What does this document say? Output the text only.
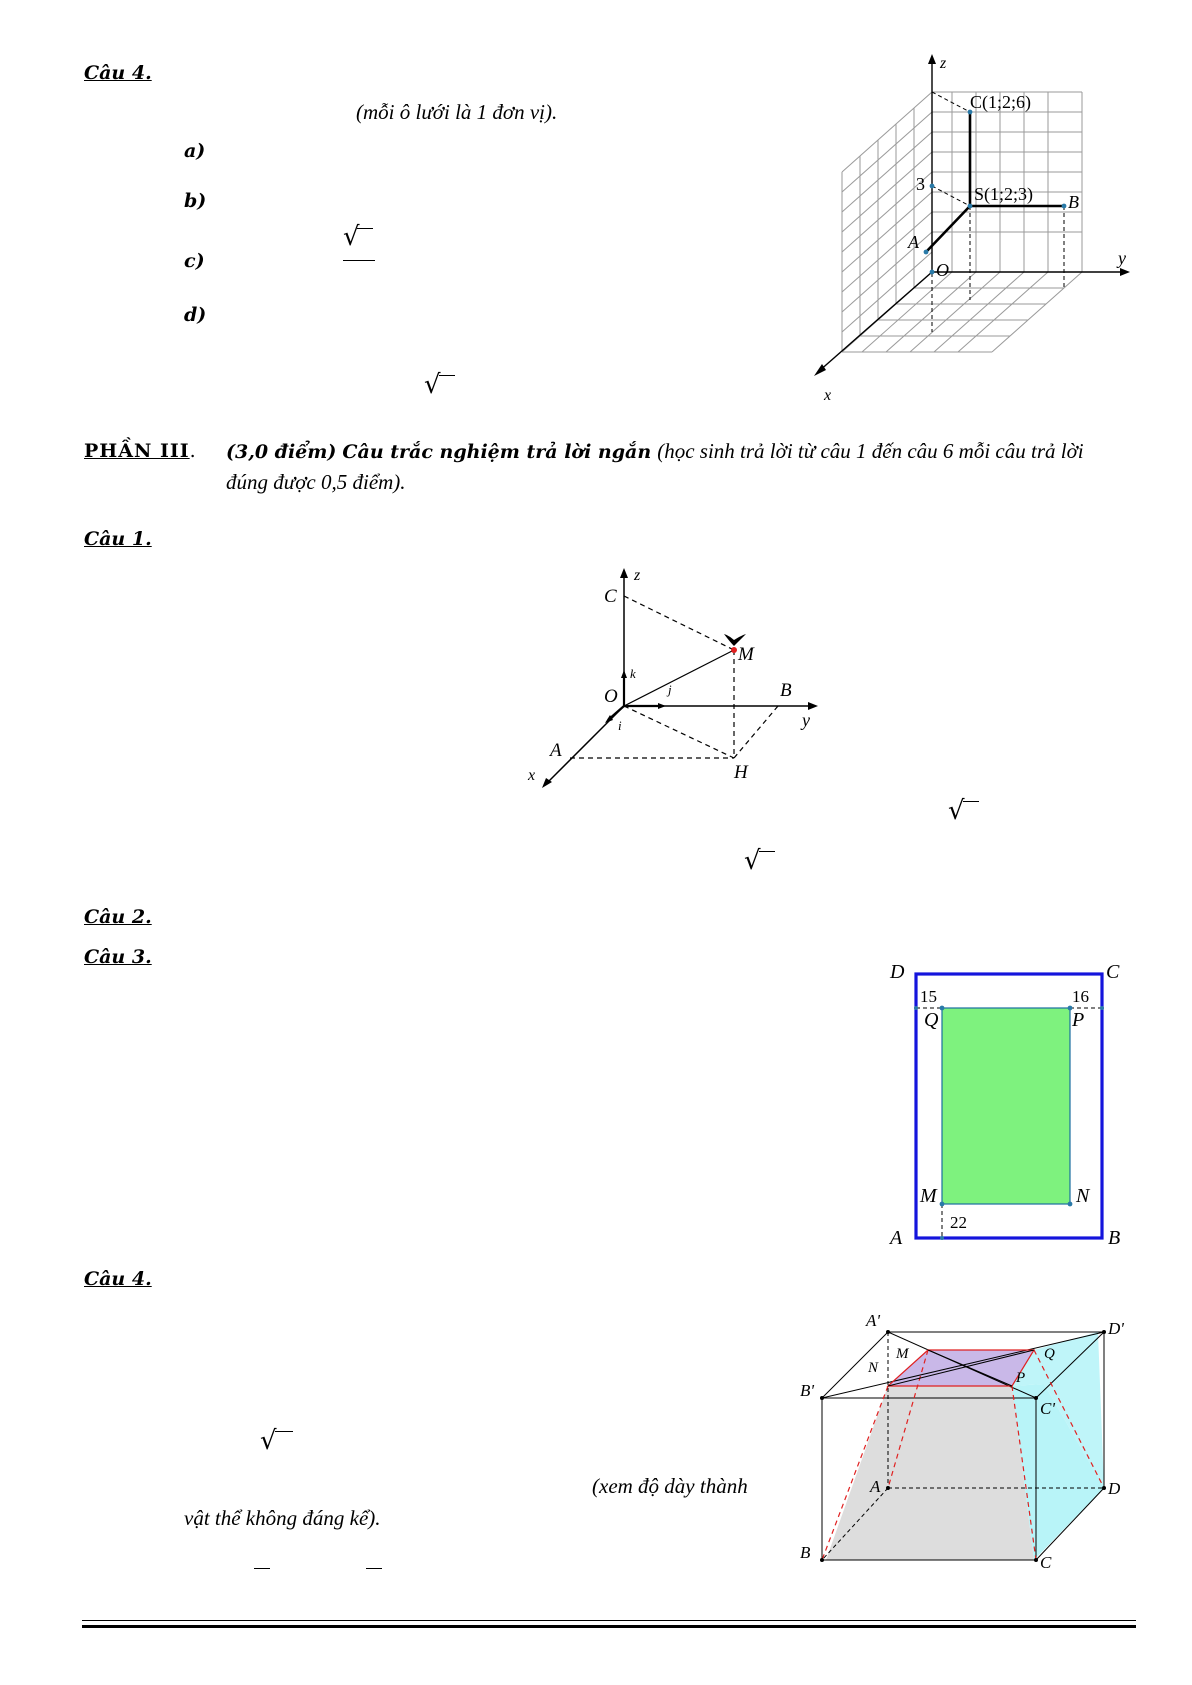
Câu 4.
(mỗi ô lưới là 1 đơn vị).
a)
b)
c)
d)
√
√
z
y
x
C(1;2;6)
S(1;2;3) B
A
O
3
PHẦN III. (3,0 điểm) Câu trắc nghiệm trả lời ngắn (học sinh trả lời từ câu 1 đến câu 6 mỗi câu trả lời
đúng được 0,5 điểm).
Câu 1.
z
C
M
k⃗
j⃗
O	B
y
i⃗
A
x	H
√
√
Câu 2.
Câu 3.
D	C
A	B
Q	P
M	N
15	16
22
Câu 4.
√
(xem độ dày thành
vật thể không đáng kể).
A'	D'
B'
C'
A	D
B
C
M
N
P
Q
